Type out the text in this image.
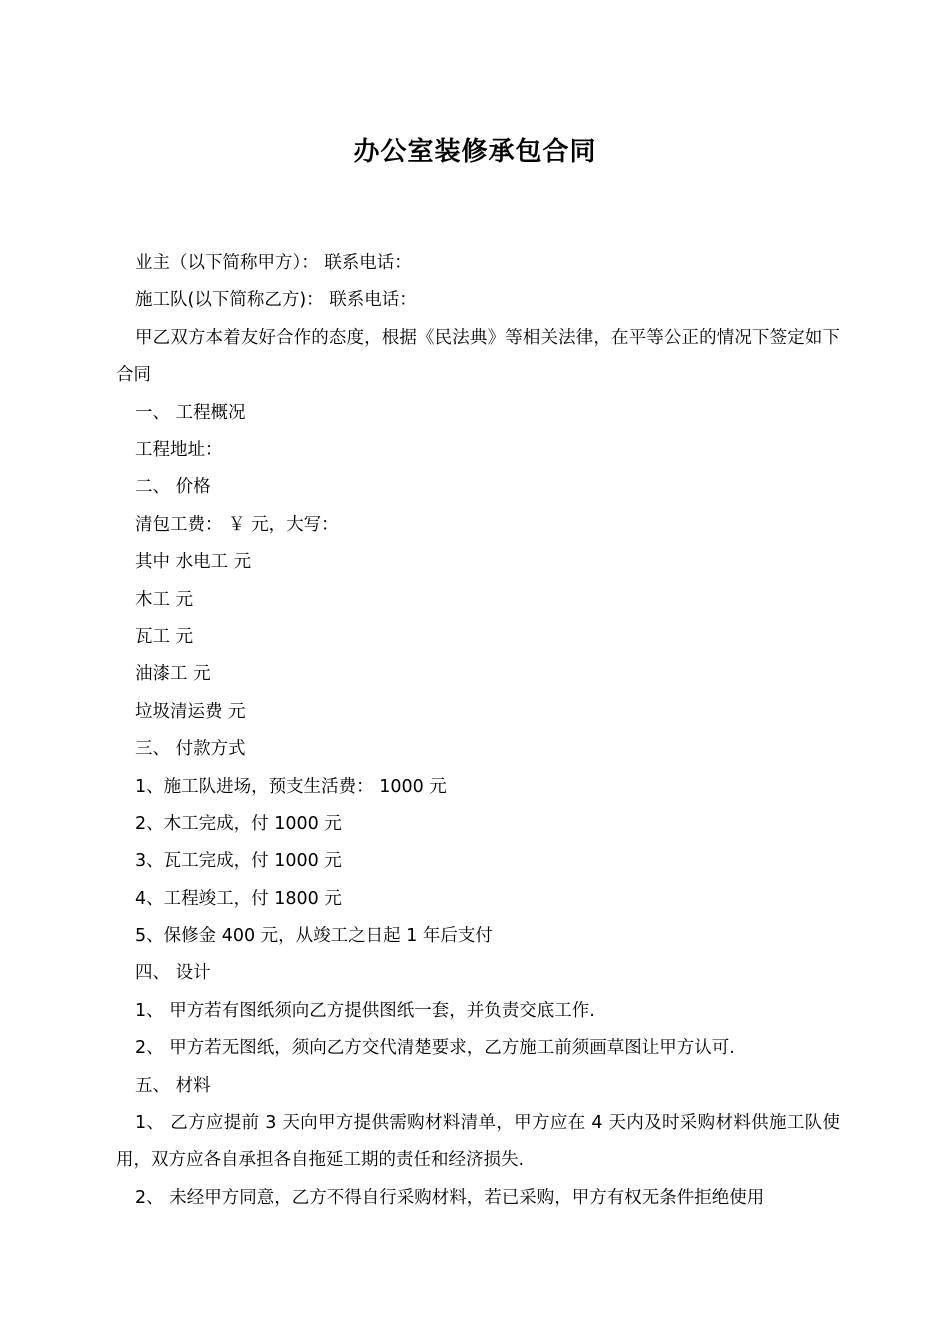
办公室装修承包合同

业主（以下简称甲方）： 联系电话：

施工队(以下简称乙方)： 联系电话：

甲乙双方本着友好合作的态度，根据《民法典》等相关法律，在平等公正的情况下签定如下合同

一、 工程概况

工程地址：

二、 价格

清包工费： ￥ 元，大写：

其中 水电工 元

木工 元

瓦工 元

油漆工 元

垃圾清运费 元

三、 付款方式

1、施工队进场，预支生活费： 1000 元

2、木工完成，付 1000 元

3、瓦工完成，付 1000 元

4、工程竣工，付 1800 元

5、保修金 400 元，从竣工之日起 1 年后支付

四、 设计

1、 甲方若有图纸须向乙方提供图纸一套，并负责交底工作.

2、 甲方若无图纸，须向乙方交代清楚要求，乙方施工前须画草图让甲方认可.

五、 材料

1、 乙方应提前 3 天向甲方提供需购材料清单，甲方应在 4 天内及时采购材料供施工队使用，双方应各自承担各自拖延工期的责任和经济损失.

2、 未经甲方同意，乙方不得自行采购材料，若已采购，甲方有权无条件拒绝使用
